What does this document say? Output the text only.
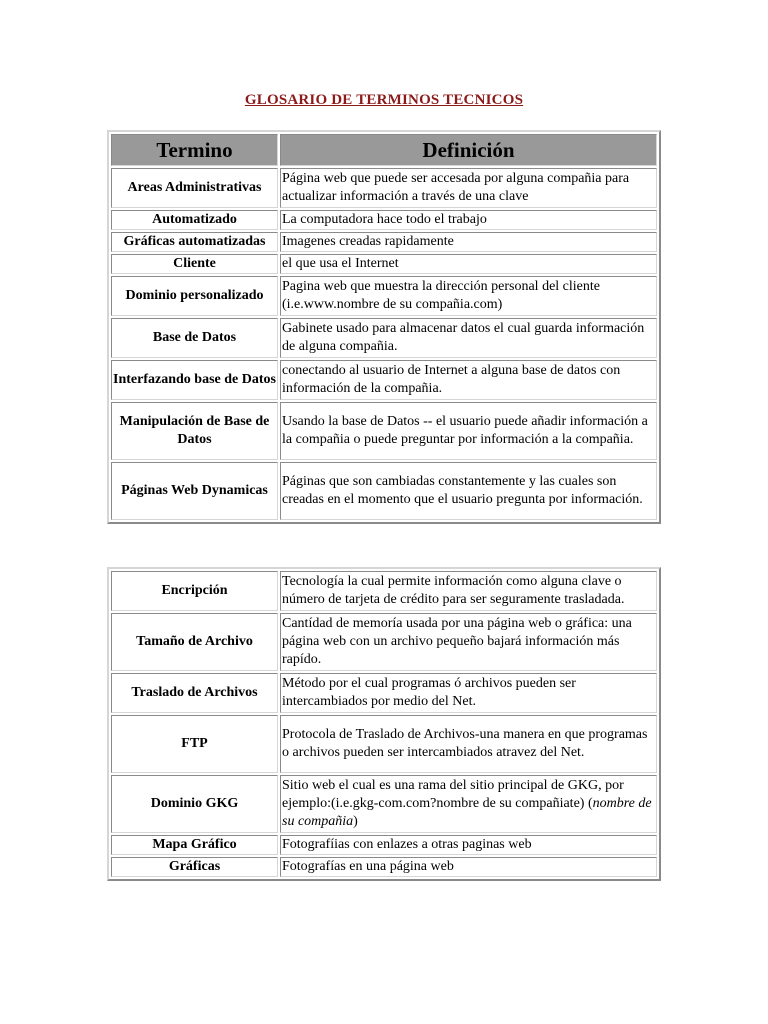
GLOSARIO DE TERMINOS TECNICOS
Termino	Definición
Areas Administrativas	Página web que puede ser accesada por alguna compañia para actualizar información a través de una clave
Automatizado	La computadora hace todo el trabajo
Gráficas automatizadas	Imagenes creadas rapidamente
Cliente	el que usa el Internet
Dominio personalizado	Pagina web que muestra la dirección personal del cliente (i.e.www.nombre de su compañia.com)
Base de Datos	Gabinete usado para almacenar datos el cual guarda información de alguna compañia.
Interfazando base de Datos	conectando al usuario de Internet a alguna base de datos con información de la compañia.
Manipulación de Base de Datos	Usando la base de Datos -- el usuario puede añadir información a la compañia o puede preguntar por información a la compañia.
Páginas Web Dynamicas	Páginas que son cambiadas constantemente y las cuales son creadas en el momento que el usuario pregunta por información.
Encripción	Tecnología la cual permite información como alguna clave o número de tarjeta de crédito para ser seguramente trasladada.
Tamaño de Archivo	Cantídad de memoría usada por una página web o gráfica: una página web con un archivo pequeño bajará información más rapído.
Traslado de Archivos	Método por el cual programas ó archivos pueden ser intercambiados por medio del Net.
FTP	Protocola de Traslado de Archivos-una manera en que programas o archivos pueden ser intercambiados atravez del Net.
Dominio GKG	Sitio web el cual es una rama del sitio principal de GKG, por ejemplo:(i.e.gkg-com.com?nombre de su compañiate) (nombre de su compañia)
Mapa Gráfico	Fotografíias con enlazes a otras paginas web
Gráficas	Fotografías en una página web
